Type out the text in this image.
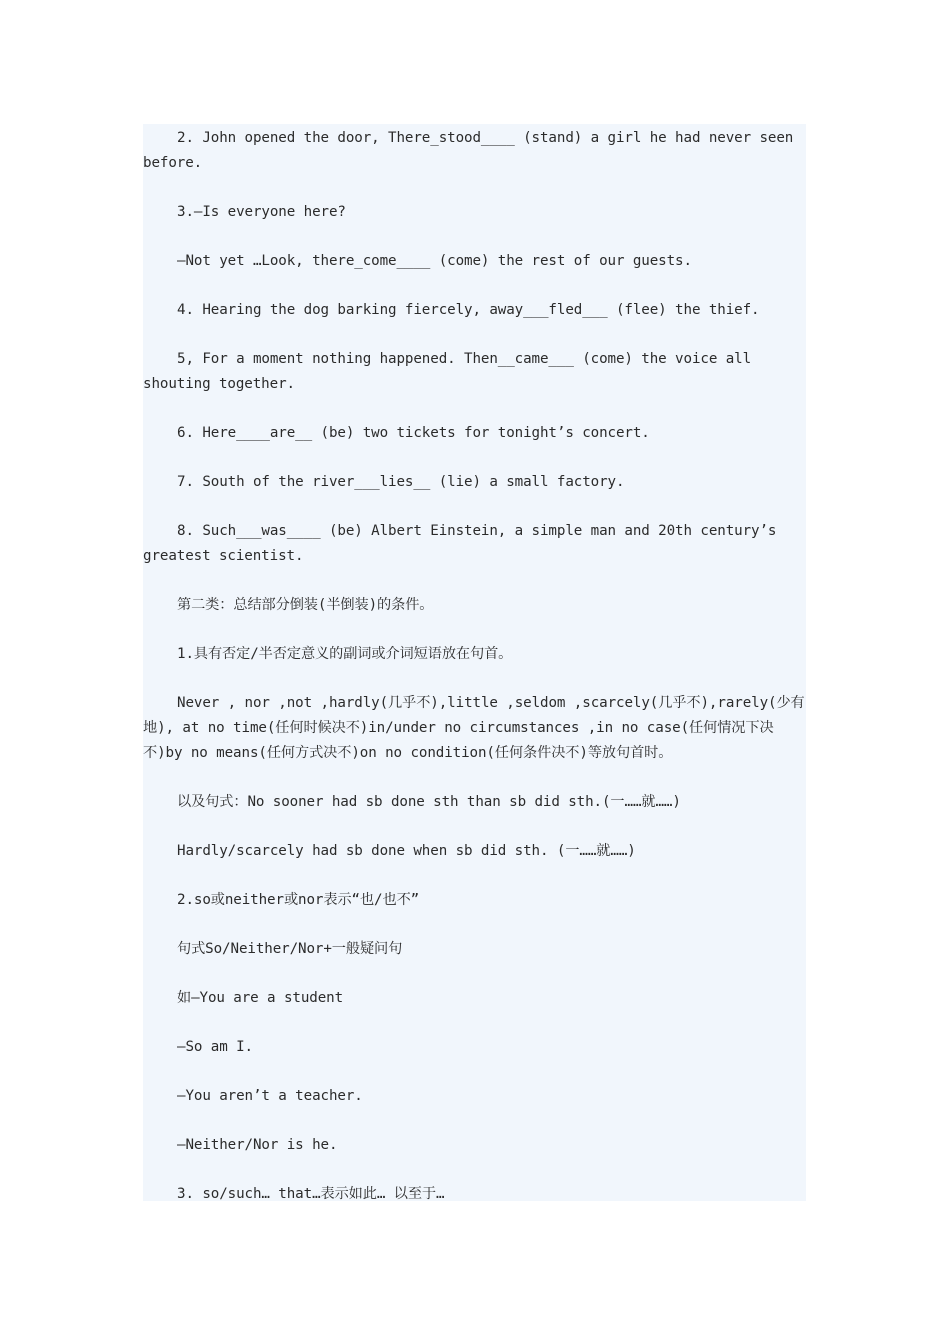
2. John opened the door, There_stood____ (stand) a girl he had never seen before.

3.—Is everyone here?

—Not yet …Look, there_come____ (come) the rest of our guests.

4. Hearing the dog barking fiercely, away___fled___ (flee) the thief.

5, For a moment nothing happened. Then__came___ (come) the voice all shouting together.

6. Here____are__ (be) two tickets for tonight’s concert.

7. South of the river___lies__ (lie) a small factory.

8. Such___was____ (be) Albert Einstein, a simple man and 20th century’s greatest scientist.

第二类：总结部分倒装(半倒装)的条件。

1.具有否定/半否定意义的副词或介词短语放在句首。

Never , nor ,not ,hardly(几乎不),little ,seldom ,scarcely(几乎不),rarely(少有地), at no time(任何时候决不)in/under no circumstances ,in no case(任何情况下决不)by no means(任何方式决不)on no condition(任何条件决不)等放句首时。

以及句式：No sooner had sb done sth than sb did sth.(一……就……)

Hardly/scarcely had sb done when sb did sth. (一……就……)

2.so或neither或nor表示“也/也不”

句式So/Neither/Nor+一般疑问句

如—You are a student

—So am I.

—You aren’t a teacher.

—Neither/Nor is he.

3. so/such… that…表示如此… 以至于…
